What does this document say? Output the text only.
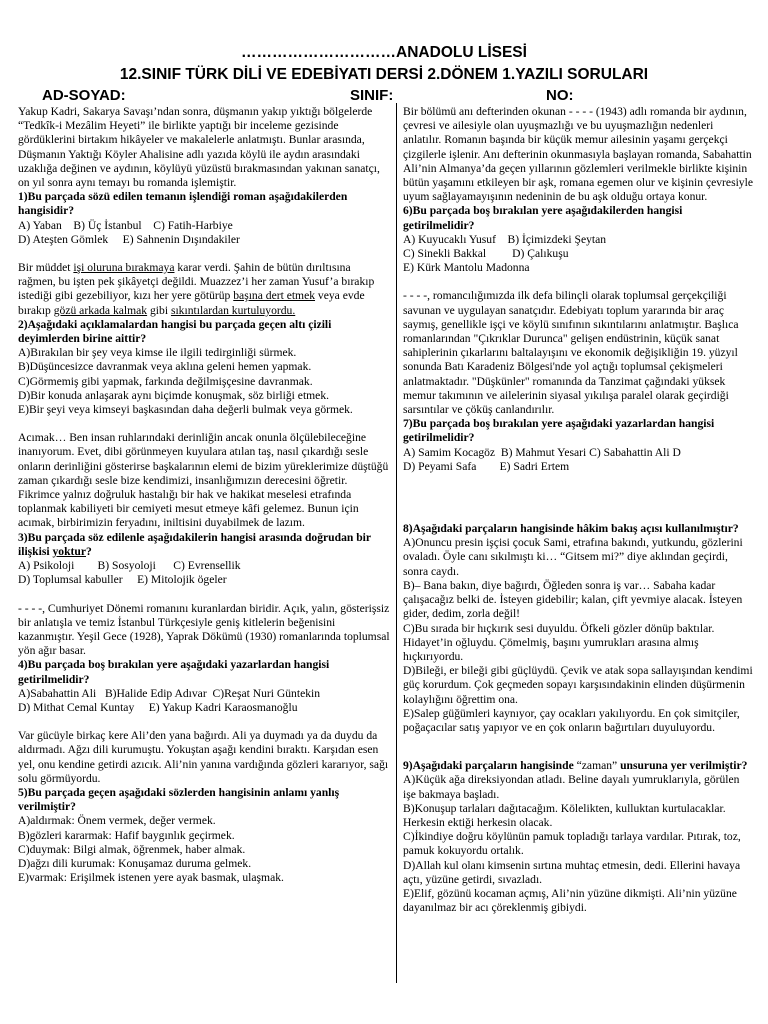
…………………………ANADOLU LİSESİ
12.SINIF TÜRK DİLİ VE EDEBİYATI DERSİ 2.DÖNEM 1.YAZILI SORULARI
AD-SOYAD:	SINIF:	NO:

Yakup Kadri, Sakarya Savaşı’ndan sonra, düşmanın yakıp yıktığı bölgelerde “Tedkîk-i Mezâlim Heyeti” ile birlikte yaptığı bir inceleme gezisinde gördüklerini birtakım hikâyeler ve makalelerle anlatmıştı. Bunlar arasında, Düşmanın Yaktığı Köyler Ahalisine adlı yazıda köylü ile aydın arasındaki uzaklığa değinen ve aydının, köylüyü yüzüstü bırakmasından yakınan sanatçı, on yıl sonra aynı temayı bu romanda işlemiştir.

1)Bu parçada sözü edilen temanın işlendiği roman aşağıdakilerden hangisidir?

A) Yaban    B) Üç İstanbul    C) Fatih-Harbiye

D) Ateşten Gömlek     E) Sahnenin Dışındakiler

Bir müddet işi oluruna bırakmaya karar verdi. Şahin de bütün dırıltısına rağmen, bu işten pek şikâyetçi değildi. Muazzez’i her zaman Yusuf’a bırakıp istediği gibi gezebiliyor, kızı her yere götürüp başına dert etmek veya evde bırakıp gözü arkada kalmak gibi sıkıntılardan kurtuluyordu.

2)Aşağıdaki açıklamalardan hangisi bu parçada geçen altı çizili deyimlerden birine aittir?

A)Bırakılan bir şey veya kimse ile ilgili tedirginliği sürmek.

B)Düşüncesizce davranmak veya aklına geleni hemen yapmak.

C)Görmemiş gibi yapmak, farkında değilmişçesine davranmak.

D)Bir konuda anlaşarak aynı biçimde konuşmak, söz birliği etmek.

E)Bir şeyi veya kimseyi başkasından daha değerli bulmak veya görmek.

Acımak… Ben insan ruhlarındaki derinliğin ancak onunla ölçülebileceğine inanıyorum. Evet, dibi görünmeyen kuyulara atılan taş, nasıl çıkardığı sesle onların derinliğini gösterirse başkalarının elemi de bizim yüreklerimize düştüğü zaman çıkardığı sesle bize kendimizi, insanlığımızın derecesini öğretir. Fikrimce yalnız doğruluk hastalığı bir hak ve hakikat meselesi etrafında toplanmak kabiliyeti bir cemiyeti mesut etmeye kâfi gelemez. Bunun için acımak, birbirimizin feryadını, iniltisini duyabilmek de lazım.

3)Bu parçada söz edilenle aşağıdakilerin hangisi arasında doğrudan bir ilişkisi yoktur?

A) Psikoloji        B) Sosyoloji      C) Evrensellik

D) Toplumsal kabuller     E) Mitolojik ögeler

- - - -, Cumhuriyet Dönemi romanını kuranlardan biridir. Açık, yalın, gösterişsiz bir anlatışla ve temiz İstanbul Türkçesiyle geniş kitlelerin beğenisini kazanmıştır. Yeşil Gece (1928), Yaprak Dökümü (1930) romanlarında toplumsal yön ağır basar.

4)Bu parçada boş bırakılan yere aşağıdaki yazarlardan hangisi getirilmelidir?

A)Sabahattin Ali   B)Halide Edip Adıvar  C)Reşat Nuri Güntekin

D) Mithat Cemal Kuntay     E) Yakup Kadri Karaosmanoğlu

Var gücüyle birkaç kere Ali’den yana bağırdı. Ali ya duymadı ya da duydu da aldırmadı. Ağzı dili kurumuştu. Yokuştan aşağı kendini bıraktı. Karşıdan esen yel, onu kendine getirdi azıcık. Ali’nin yanına vardığında gözleri kararıyor, sağı solu görmüyordu.

5)Bu parçada geçen aşağıdaki sözlerden hangisinin anlamı yanlış verilmiştir?

A)aldırmak: Önem vermek, değer vermek.

B)gözleri kararmak: Hafif baygınlık geçirmek.

C)duymak: Bilgi almak, öğrenmek, haber almak.

D)ağzı dili kurumak: Konuşamaz duruma gelmek.

E)varmak: Erişilmek istenen yere ayak basmak, ulaşmak.

Bir bölümü anı defterinden okunan - - - - (1943) adlı romanda bir aydının, çevresi ve ailesiyle olan uyuşmazlığı ve bu uyuşmazlığın nedenleri anlatılır. Romanın başında bir küçük memur ailesinin yaşamı gerçekçi çizgilerle işlenir. Anı defterinin okunmasıyla başlayan romanda, Sabahattin Ali’nin Almanya’da geçen yıllarının gözlemleri verilmekle birlikte kişinin bütün yaşamını etkileyen bir aşk, romana egemen olur ve kişinin çevresiyle uyum sağlayamayışının nedeninin de bu aşk olduğu ortaya konur.

6)Bu parçada boş bırakılan yere aşağıdakilerden hangisi getirilmelidir?

A) Kuyucaklı Yusuf    B) İçimizdeki Şeytan

C) Sinekli Bakkal         D) Çalıkuşu

E) Kürk Mantolu Madonna

- - - -, romancılığımızda ilk defa bilinçli olarak toplumsal gerçekçiliği savunan ve uygulayan sanatçıdır. Edebiyatı toplum yararında bir araç saymış, genellikle işçi ve köylü sınıfının sıkıntılarını anlatmıştır. Başlıca romanlarından "Çıkrıklar Durunca" gelişen endüstrinin, küçük sanat sahiplerinin çıkarlarını baltalayışını ve ekonomik değişikliğin 19. yüzyıl sonunda Batı Karadeniz Bölgesi'nde yol açtığı toplumsal çekişmeleri anlatmaktadır. "Düşkünler" romanında da Tanzimat çağındaki yüksek memur takımının ve ailelerinin siyasal yıkılışa paralel olarak geçirdiği sarsıntılar ve çöküş canlandırılır.

7)Bu parçada boş bırakılan yere aşağıdaki yazarlardan hangisi getirilmelidir?

A) Samim Kocagöz  B) Mahmut Yesari C) Sabahattin Ali D

D) Peyami Safa        E) Sadri Ertem

8)Aşağıdaki parçaların hangisinde hâkim bakış açısı kullanılmıştır?

A)Onuncu presin işçisi çocuk Sami, etrafına bakındı, yutkundu, gözlerini ovaladı. Öyle canı sıkılmıştı ki… “Gitsem mi?” diye aklından geçirdi, sonra caydı.

B)– Bana bakın, diye bağırdı, Öğleden sonra iş var… Sabaha kadar çalışacağız belki de. İsteyen gidebilir; kalan, çift yevmiye alacak. İsteyen gider, dedim, zorla değil!

C)Bu sırada bir hıçkırık sesi duyuldu. Öfkeli gözler dönüp baktılar. Hidayet’in oğluydu. Çömelmiş, başını yumrukları arasına almış hıçkırıyordu.

D)Bileği, er bileği gibi güçlüydü. Çevik ve atak sopa sallayışından kendimi güç korurdum. Çok geçmeden sopayı karşısındakinin elinden düşürmenin kolaylığını öğrettim ona.

E)Salep güğümleri kaynıyor, çay ocakları yakılıyordu. En çok simitçiler, poğaçacılar satış yapıyor ve en çok onların bağırtıları duyuluyordu.

9)Aşağıdaki parçaların hangisinde “zaman” unsuruna yer verilmiştir?

A)Küçük ağa direksiyondan atladı. Beline dayalı yumruklarıyla, görülen işe bakmaya başladı.

B)Konuşup tarlaları dağıtacağım. Kölelikten, kulluktan kurtulacaklar. Herkesin ektiği herkesin olacak.

C)İkindiye doğru köylünün pamuk topladığı tarlaya vardılar. Pıtırak, toz, pamuk kokuyordu ortalık.

D)Allah kul olanı kimsenin sırtına muhtaç etmesin, dedi. Ellerini havaya açtı, yüzüne getirdi, sıvazladı.

E)Elif, gözünü kocaman açmış, Ali’nin yüzüne dikmişti. Ali’nin yüzüne dayanılmaz bir acı çöreklenmiş gibiydi.
